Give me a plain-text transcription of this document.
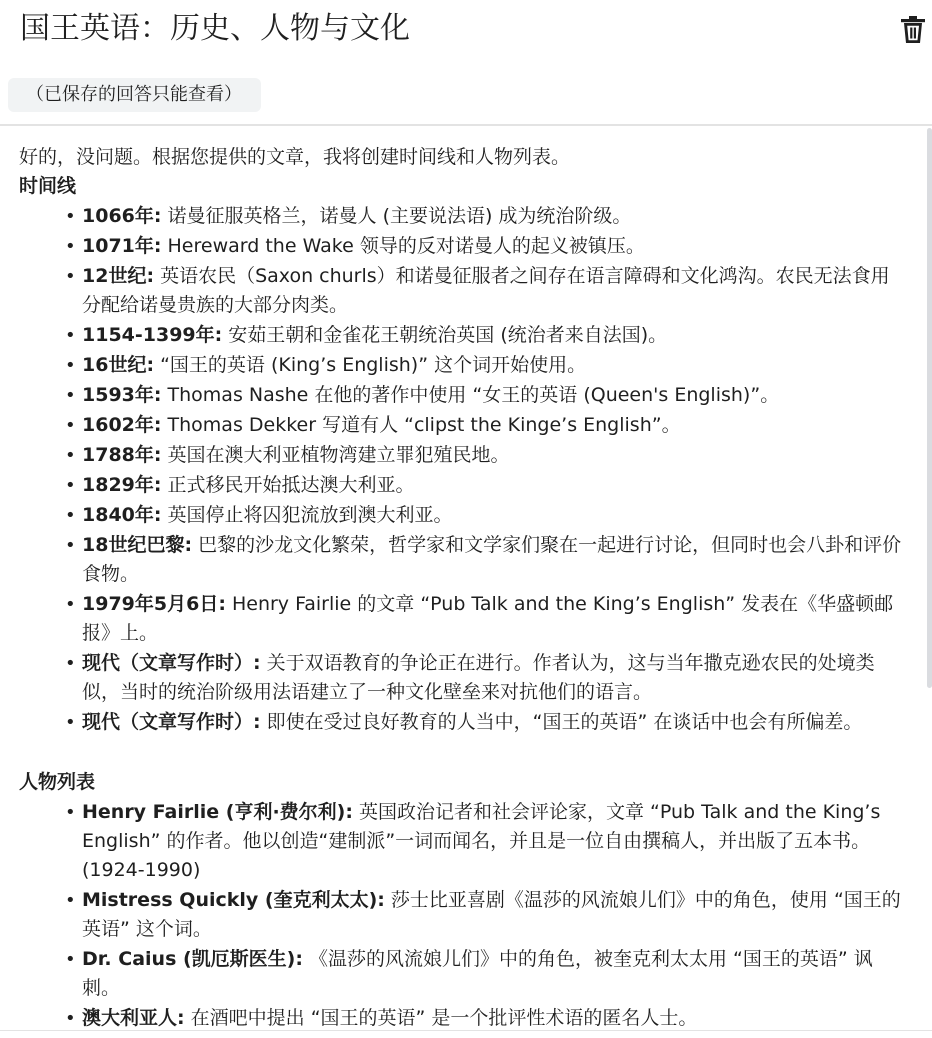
国王英语：历史、人物与文化
（已保存的回答只能查看）
好的，没问题。根据您提供的文章，我将创建时间线和人物列表。
时间线
• 1066年: 诺曼征服英格兰，诺曼人 (主要说法语) 成为统治阶级。
• 1071年: Hereward the Wake 领导的反对诺曼人的起义被镇压。
• 12世纪: 英语农民（Saxon churls）和诺曼征服者之间存在语言障碍和文化鸿沟。农民无法食用分配给诺曼贵族的大部分肉类。
• 1154-1399年: 安茹王朝和金雀花王朝统治英国 (统治者来自法国)。
• 16世纪: “国王的英语 (King’s English)” 这个词开始使用。
• 1593年: Thomas Nashe 在他的著作中使用 “女王的英语 (Queen's English)”。
• 1602年: Thomas Dekker 写道有人 “clipst the Kinge’s English”。
• 1788年: 英国在澳大利亚植物湾建立罪犯殖民地。
• 1829年: 正式移民开始抵达澳大利亚。
• 1840年: 英国停止将囚犯流放到澳大利亚。
• 18世纪巴黎: 巴黎的沙龙文化繁荣，哲学家和文学家们聚在一起进行讨论，但同时也会八卦和评价食物。
• 1979年5月6日: Henry Fairlie 的文章 “Pub Talk and the King’s English” 发表在《华盛顿邮报》上。
• 现代（文章写作时）: 关于双语教育的争论正在进行。作者认为，这与当年撒克逊农民的处境类似，当时的统治阶级用法语建立了一种文化壁垒来对抗他们的语言。
• 现代（文章写作时）: 即使在受过良好教育的人当中，“国王的英语” 在谈话中也会有所偏差。
人物列表
• Henry Fairlie (亨利·费尔利): 英国政治记者和社会评论家，文章 “Pub Talk and the King’s English” 的作者。他以创造“建制派”一词而闻名，并且是一位自由撰稿人，并出版了五本书。 (1924-1990)
• Mistress Quickly (奎克利太太): 莎士比亚喜剧《温莎的风流娘儿们》中的角色，使用 “国王的英语” 这个词。
• Dr. Caius (凯厄斯医生): 《温莎的风流娘儿们》中的角色，被奎克利太太用 “国王的英语” 讽刺。
• 澳大利亚人: 在酒吧中提出 “国王的英语” 是一个批评性术语的匿名人士。
